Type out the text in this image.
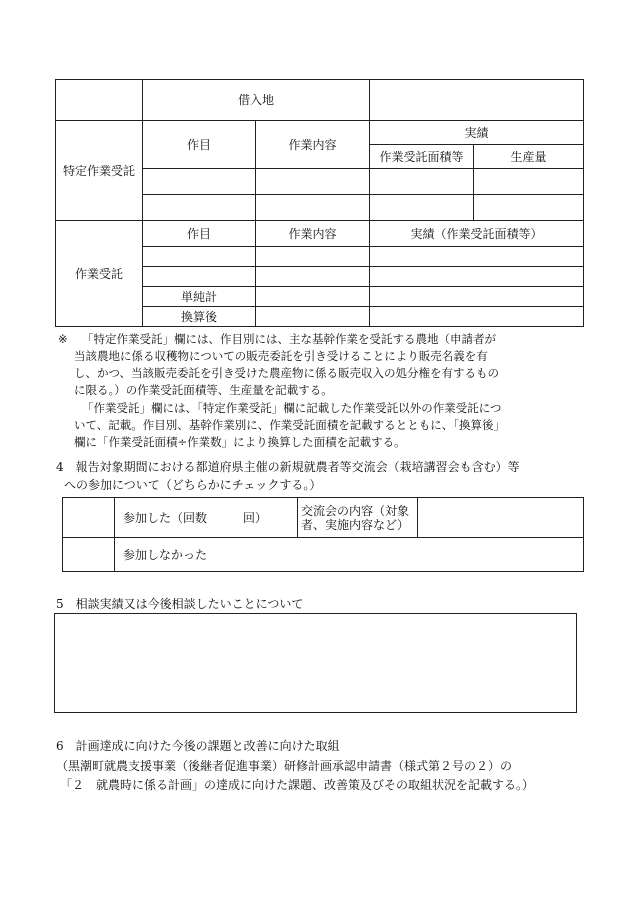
	借入地			
特定作業受託	作目	作業内容	実績	
			作業受託面積等	生産量

作業受託	作目	作業内容	実績（作業受託面積等）	

	単純計			
	換算後			
※ 「特定作業受託」欄には、作目別には、主な基幹作業を受託する農地（申請者が
当該農地に係る収穫物についての販売委託を引き受けることにより販売名義を有
し、かつ、当該販売委託を引き受けた農産物に係る販売収入の処分権を有するもの
に限る。）の作業受託面積等、生産量を記載する。
「作業受託」欄には、「特定作業受託」欄に記載した作業受託以外の作業受託につ
いて、記載。作目別、基幹作業別に、作業受託面積を記載するとともに、「換算後」
欄に「作業受託面積÷作業数」により換算した面積を記載する。
4　報告対象期間における都道府県主催の新規就農者等交流会（栽培講習会も含む）等
への参加について（どちらかにチェックする。）
	参加した（回数　　　回）	交流会の内容（対象
者、実施内容など）	

	参加しなかった		
5　相談実績又は今後相談したいことについて
6　計画達成に向けた今後の課題と改善に向けた取組
（黒潮町就農支援事業（後継者促進事業）研修計画承認申請書（様式第２号の２）の
「２　就農時に係る計画」の達成に向けた課題、改善策及びその取組状況を記載する。）
